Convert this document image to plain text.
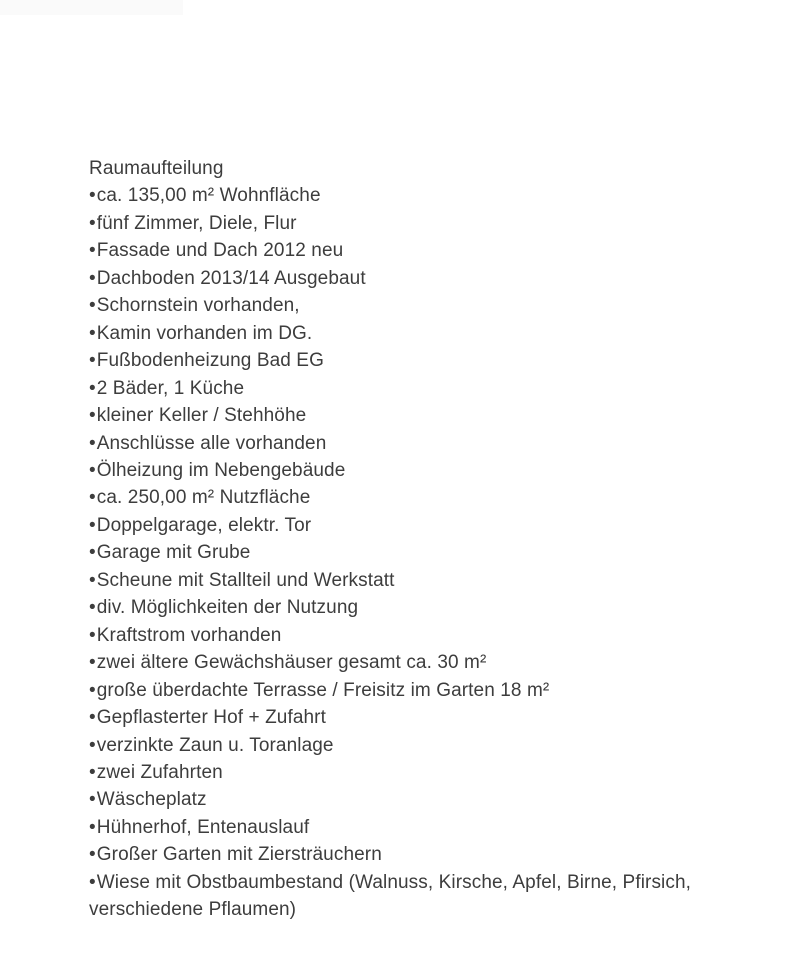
Raumaufteilung
•ca. 135,00 m² Wohnfläche
•fünf Zimmer, Diele, Flur
•Fassade und Dach 2012 neu
•Dachboden 2013/14 Ausgebaut
•Schornstein vorhanden,
•Kamin vorhanden im DG.
•Fußbodenheizung Bad EG
•2 Bäder, 1 Küche
•kleiner Keller / Stehhöhe
•Anschlüsse alle vorhanden
•Ölheizung im Nebengebäude
•ca. 250,00 m² Nutzfläche
•Doppelgarage, elektr. Tor
•Garage mit Grube
•Scheune mit Stallteil und Werkstatt
•div. Möglichkeiten der Nutzung
•Kraftstrom vorhanden
•zwei ältere Gewächshäuser gesamt ca. 30 m²
•große überdachte Terrasse / Freisitz im Garten 18 m²
•Gepflasterter Hof + Zufahrt
•verzinkte Zaun u. Toranlage
•zwei Zufahrten
•Wäscheplatz
•Hühnerhof, Entenauslauf
•Großer Garten mit Ziersträuchern
•Wiese mit Obstbaumbestand (Walnuss, Kirsche, Apfel, Birne, Pfirsich, verschiedene Pflaumen)
